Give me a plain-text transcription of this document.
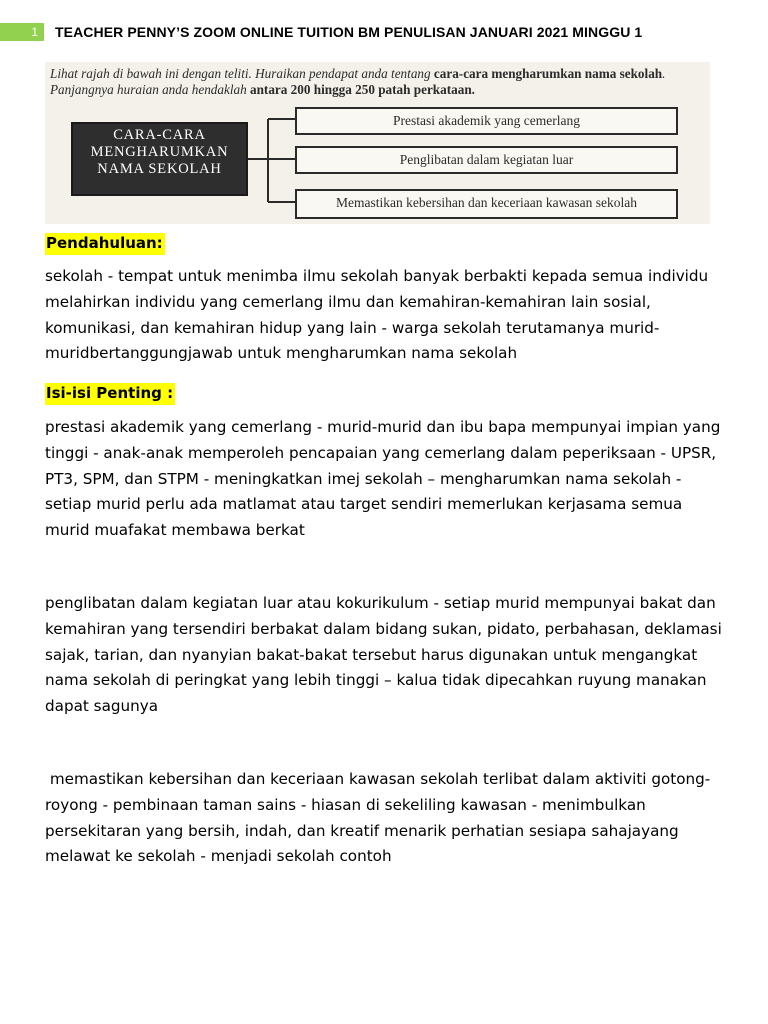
1	TEACHER PENNY’S ZOOM ONLINE TUITION BM PENULISAN JANUARI 2021 MINGGU 1
Lihat rajah di bawah ini dengan teliti. Huraikan pendapat anda tentang cara-cara mengharumkan nama sekolah. Panjangnya huraian anda hendaklah antara 200 hingga 250 patah perkataan.
CARA-CARA
MENGHARUMKAN
NAMA SEKOLAH
Prestasi akademik yang cemerlang
Penglibatan dalam kegiatan luar
Memastikan kebersihan dan keceriaan kawasan sekolah
Pendahuluan:
sekolah - tempat untuk menimba ilmu sekolah banyak berbakti kepada semua individu melahirkan individu yang cemerlang ilmu dan kemahiran-kemahiran lain sosial, komunikasi, dan kemahiran hidup yang lain - warga sekolah terutamanya murid-muridbertanggungjawab untuk mengharumkan nama sekolah
Isi-isi Penting :
prestasi akademik yang cemerlang - murid-murid dan ibu bapa mempunyai impian yang tinggi - anak-anak memperoleh pencapaian yang cemerlang dalam peperiksaan - UPSR, PT3, SPM, dan STPM - meningkatkan imej sekolah – mengharumkan nama sekolah - setiap murid perlu ada matlamat atau target sendiri memerlukan kerjasama semua murid muafakat membawa berkat
penglibatan dalam kegiatan luar atau kokurikulum - setiap murid mempunyai bakat dan kemahiran yang tersendiri berbakat dalam bidang sukan, pidato, perbahasan, deklamasi sajak, tarian, dan nyanyian bakat-bakat tersebut harus digunakan untuk mengangkat nama sekolah di peringkat yang lebih tinggi – kalua tidak dipecahkan ruyung manakan dapat sagunya
memastikan kebersihan dan keceriaan kawasan sekolah terlibat dalam aktiviti gotong-royong - pembinaan taman sains - hiasan di sekeliling kawasan - menimbulkan persekitaran yang bersih, indah, dan kreatif menarik perhatian sesiapa sahajayang melawat ke sekolah - menjadi sekolah contoh
